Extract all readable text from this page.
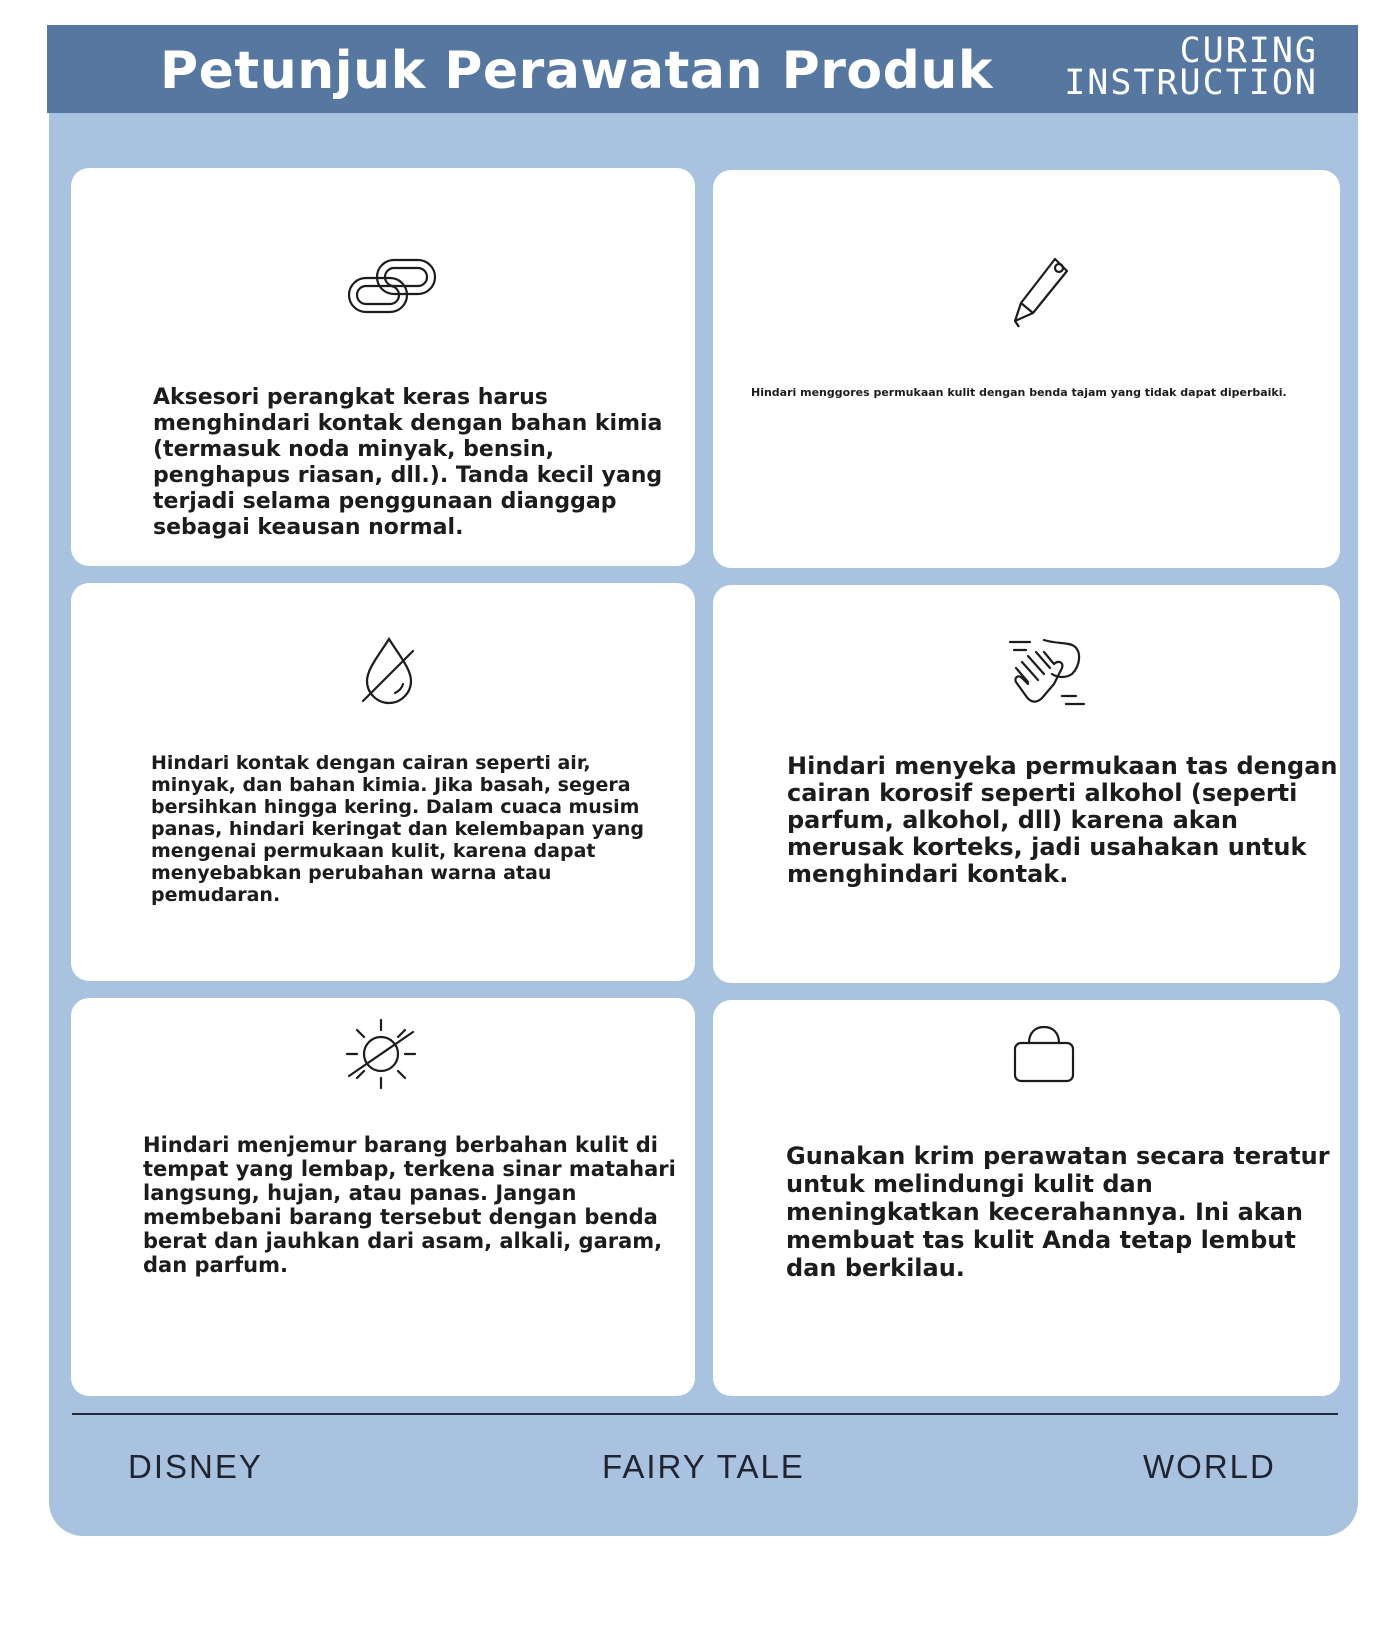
Petunjuk Perawatan Produk	CURING
INSTRUCTION

Aksesori perangkat keras harus menghindari kontak dengan bahan kimia (termasuk noda minyak, bensin, penghapus riasan, dll.). Tanda kecil yang terjadi selama penggunaan dianggap sebagai keausan normal.

Hindari menggores permukaan kulit dengan benda tajam yang tidak dapat diperbaiki.

Hindari kontak dengan cairan seperti air, minyak, dan bahan kimia. Jika basah, segera bersihkan hingga kering. Dalam cuaca musim panas, hindari keringat dan kelembapan yang mengenai permukaan kulit, karena dapat menyebabkan perubahan warna atau pemudaran.

Hindari menyeka permukaan tas dengan cairan korosif seperti alkohol (seperti parfum, alkohol, dll) karena akan merusak korteks, jadi usahakan untuk menghindari kontak.

Hindari menjemur barang berbahan kulit di tempat yang lembap, terkena sinar matahari langsung, hujan, atau panas. Jangan membebani barang tersebut dengan benda berat dan jauhkan dari asam, alkali, garam, dan parfum.

Gunakan krim perawatan secara teratur untuk melindungi kulit dan meningkatkan kecerahannya. Ini akan membuat tas kulit Anda tetap lembut dan berkilau.

DISNEY	FAIRY TALE	WORLD
